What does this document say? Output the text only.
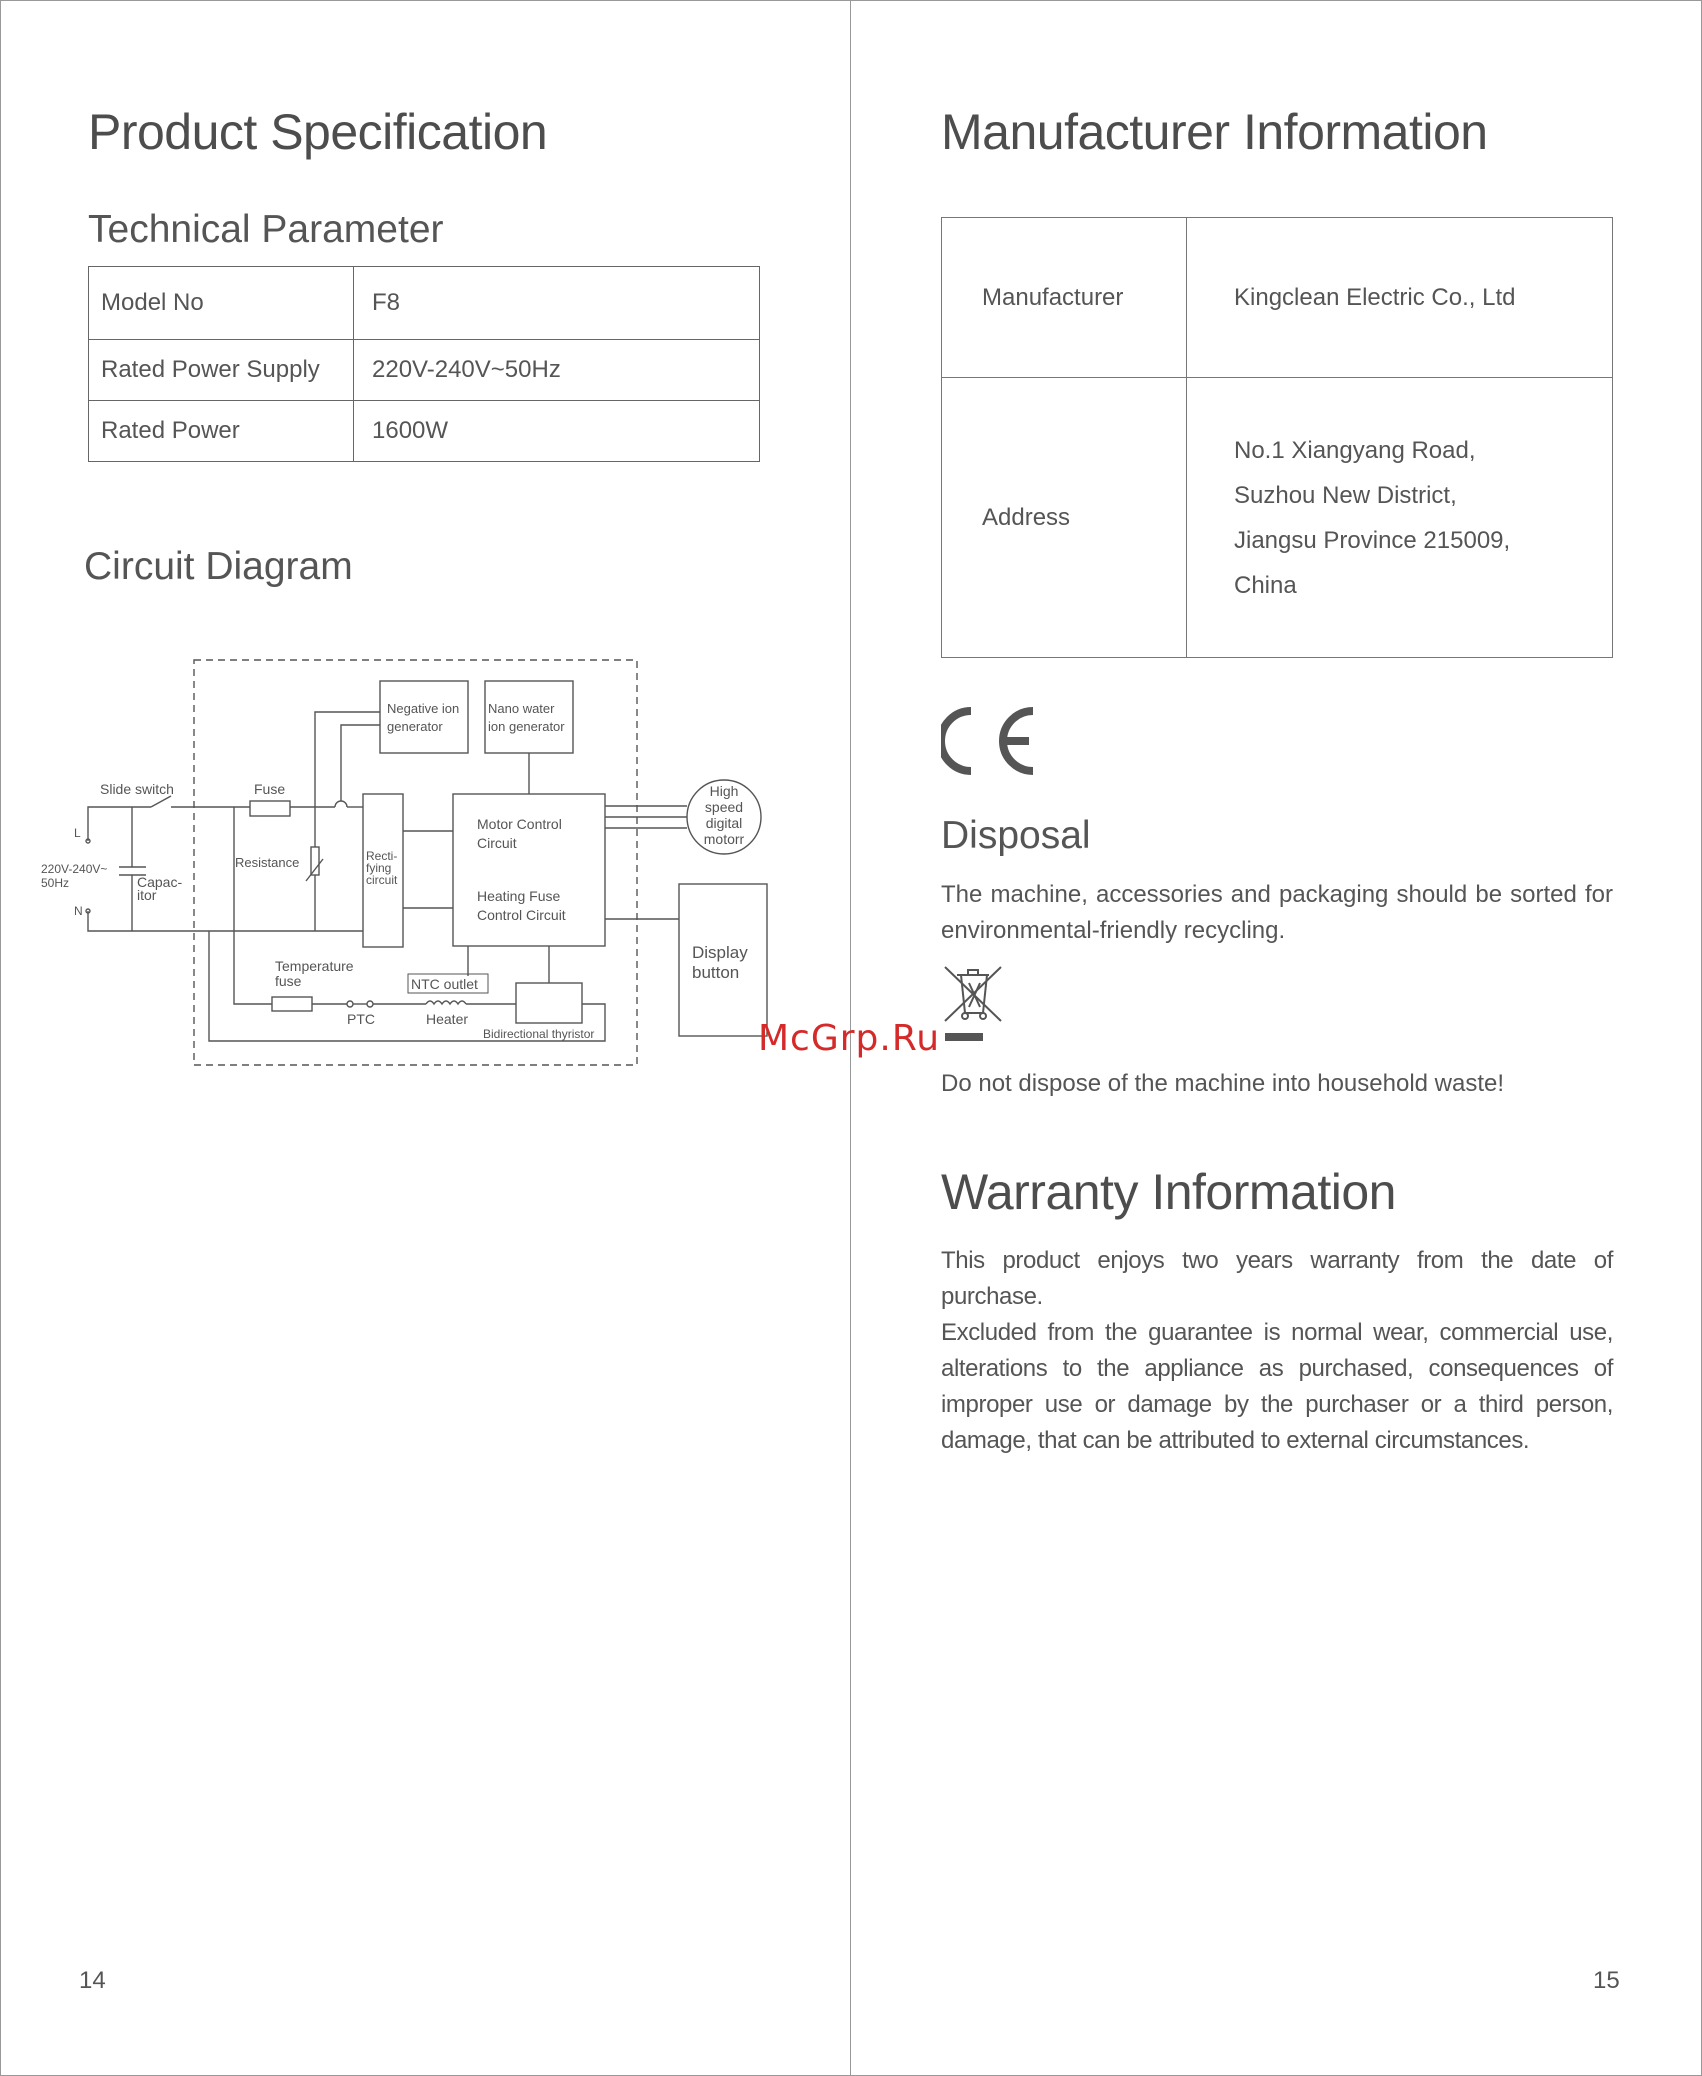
Product Specification
Technical Parameter
Model No	F8
Rated Power Supply	220V-240V~50Hz
Rated Power	1600W
Circuit Diagram
Slide switch	Fuse
L
N
220V-240V~
50Hz	Capac-
itor
Resistance	Recti-
fying
circuit
Negative ion
generator
Nano water
ion generator
Motor Control
Circuit
Heating Fuse
Control Circuit
High
speed
digital
motorr
Display
button
Temperature
fuse	NTC outlet
PTC	Heater
Bidirectional thyristor
14
Manufacturer Information
Manufacturer	Kingclean Electric Co., Ltd
Address	No.1 Xiangyang Road,
Suzhou New District,
Jiangsu Province 215009,
China
Disposal
The machine, accessories and packaging should be sorted for environmental-friendly recycling.
Do not dispose of the machine into household waste!
Warranty Information
This product enjoys two years warranty from the date of purchase.
Excluded from the guarantee is normal wear, commercial use, alterations to the appliance as purchased, consequences of improper use or damage by the purchaser or a third person, damage, that can be attributed to external circumstances.
15
McGrp.Ru
